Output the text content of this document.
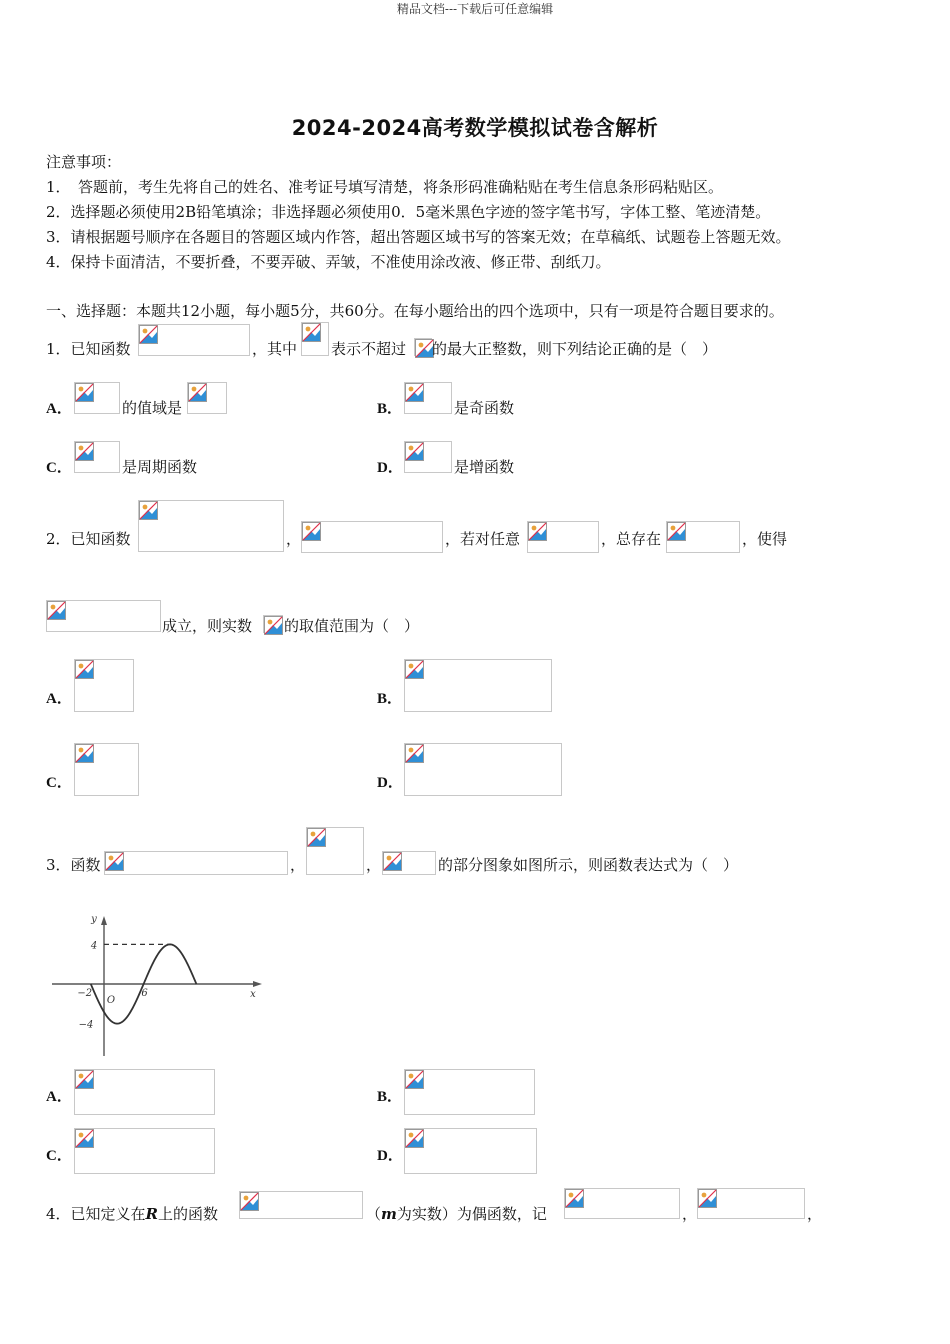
精品文档---下载后可任意编辑
2024-2024高考数学模拟试卷含解析
注意事项：
1．　答题前，考生先将自己的姓名、准考证号填写清楚，将条形码准确粘贴在考生信息条形码粘贴区。
2．选择题必须使用2B铅笔填涂；非选择题必须使用0．5毫米黑色字迹的签字笔书写，字体工整、笔迹清楚。
3．请根据题号顺序在各题目的答题区域内作答，超出答题区域书写的答案无效；在草稿纸、试题卷上答题无效。
4．保持卡面清洁，不要折叠，不要弄破、弄皱，不准使用涂改液、修正带、刮纸刀。
一、选择题：本题共12小题，每小题5分，共60分。在每小题给出的四个选项中，只有一项是符合题目要求的。
1．已知函数	，其中 表示不超过 的最大正整数，则下列结论正确的是（　）
A．	的值域是	B．	是奇函数
C．	是周期函数	D．	是增函数
2．已知函数	，	，若对任意	，总存在	，使得
成立，则实数 的取值范围为（　）
A．	B．
C．	D．
3．函数	，	，	的部分图象如图所示，则函数表达式为（　）
−2
O
6	x
y
4
−4
A．	B．
C．	D．
4．已知定义在R上的函数	（m为实数）为偶函数，记	，	，
